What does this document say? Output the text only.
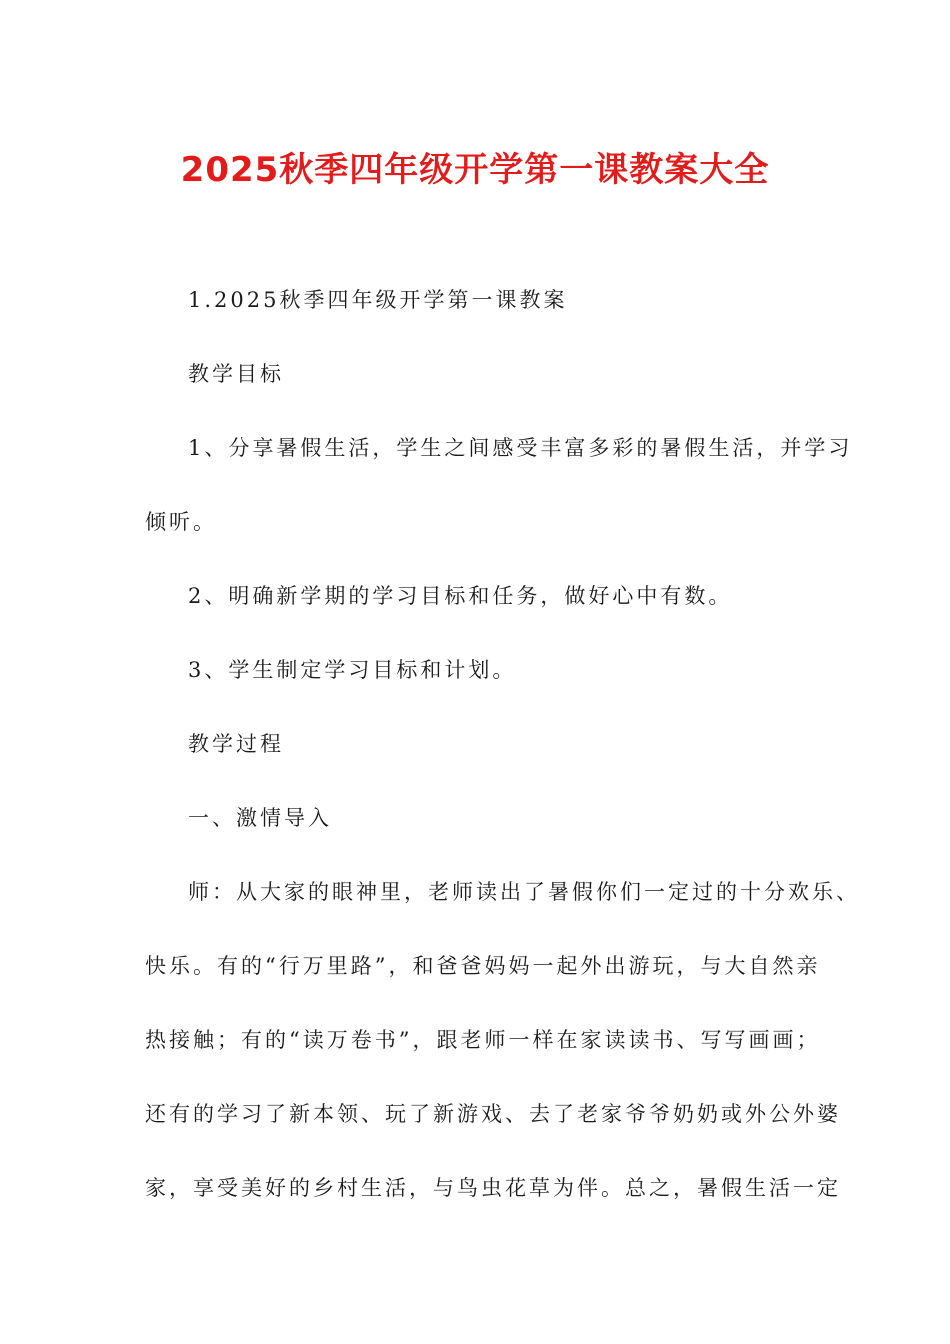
2025秋季四年级开学第一课教案大全

1.2025秋季四年级开学第一课教案

教学目标

1、分享暑假生活，学生之间感受丰富多彩的暑假生活，并学习

倾听。

2、明确新学期的学习目标和任务，做好心中有数。

3、学生制定学习目标和计划。

教学过程

一、激情导入

师：从大家的眼神里，老师读出了暑假你们一定过的十分欢乐、

快乐。有的“行万里路”，和爸爸妈妈一起外出游玩，与大自然亲

热接触；有的“读万卷书”，跟老师一样在家读读书、写写画画；

还有的学习了新本领、玩了新游戏、去了老家爷爷奶奶或外公外婆

家，享受美好的乡村生活，与鸟虫花草为伴。总之，暑假生活一定
